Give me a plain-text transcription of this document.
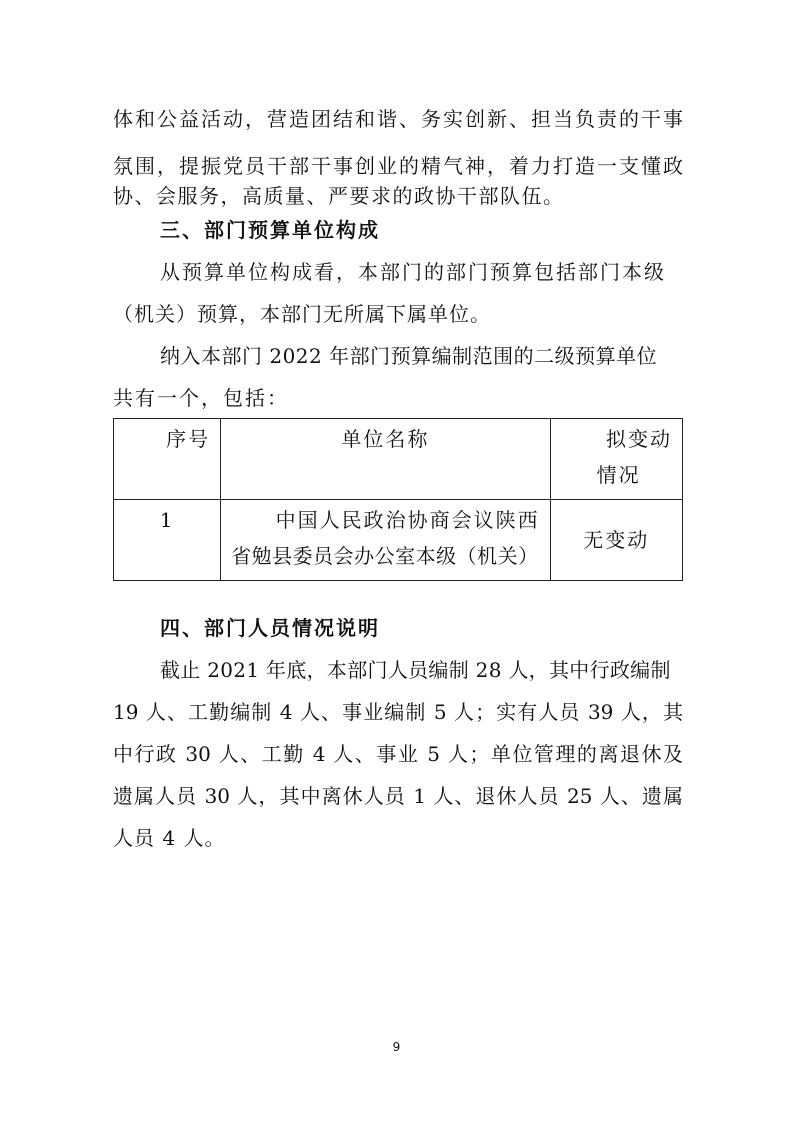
体和公益活动，营造团结和谐、务实创新、担当负责的干事
氛围，提振党员干部干事创业的精气神，着力打造一支懂政
协、会服务，高质量、严要求的政协干部队伍。
三、部门预算单位构成
从预算单位构成看，本部门的部门预算包括部门本级
（机关）预算，本部门无所属下属单位。
纳入本部门 2022 年部门预算编制范围的二级预算单位
共有一个，包括：
序号	单位名称	拟变动
情况

1	中国人民政治协商会议陕西
省勉县委员会办公室本级（机关）	无变动
四、部门人员情况说明
截止 2021 年底，本部门人员编制 28 人，其中行政编制
19 人、工勤编制 4 人、事业编制 5 人；实有人员 39 人，其
中行政 30 人、工勤 4 人、事业 5 人；单位管理的离退休及
遗属人员 30 人，其中离休人员 1 人、退休人员 25 人、遗属
人员 4 人。
9
